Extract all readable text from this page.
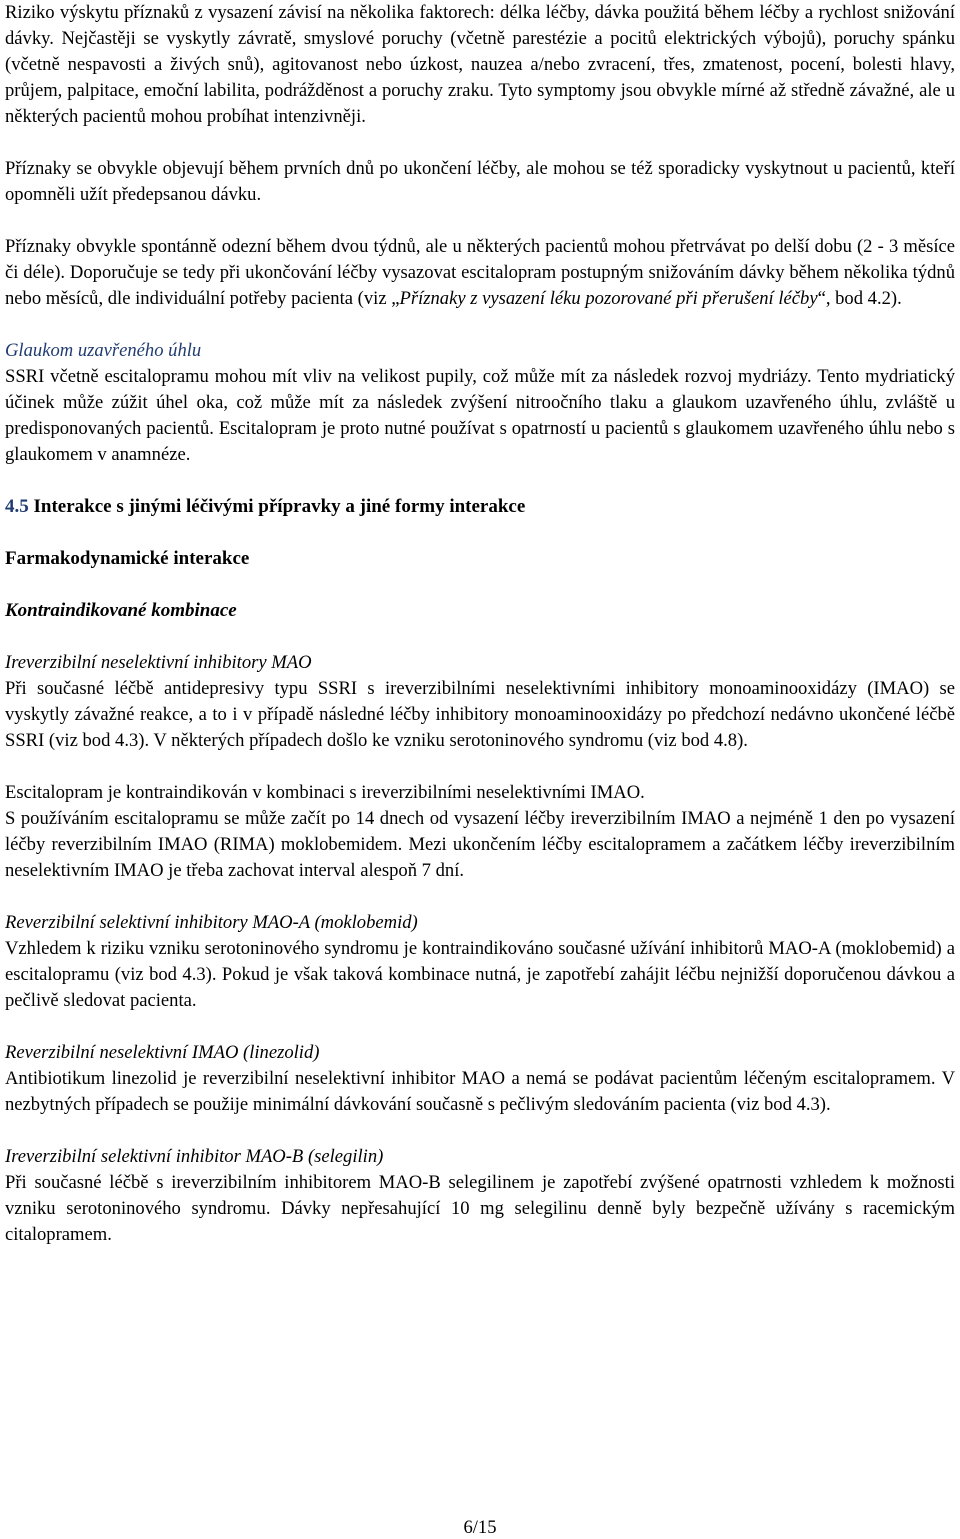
Riziko výskytu příznaků z vysazení závisí na několika faktorech: délka léčby, dávka použitá během léčby a rychlost snižování dávky. Nejčastěji se vyskytly závratě, smyslové poruchy (včetně parestézie a pocitů elektrických výbojů), poruchy spánku (včetně nespavosti a živých snů), agitovanost nebo úzkost, nauzea a/nebo zvracení, třes, zmatenost, pocení, bolesti hlavy, průjem, palpitace, emoční labilita, podrážděnost a poruchy zraku. Tyto symptomy jsou obvykle mírné až středně závažné, ale u některých pacientů mohou probíhat intenzivněji.

Příznaky se obvykle objevují během prvních dnů po ukončení léčby, ale mohou se též sporadicky vyskytnout u pacientů, kteří opomněli užít předepsanou dávku.

Příznaky obvykle spontánně odezní během dvou týdnů, ale u některých pacientů mohou přetrvávat po delší dobu (2 - 3 měsíce či déle). Doporučuje se tedy při ukončování léčby vysazovat escitalopram postupným snižováním dávky během několika týdnů nebo měsíců, dle individuální potřeby pacienta (viz „Příznaky z vysazení léku pozorované při přerušení léčby“, bod 4.2).

Glaukom uzavřeného úhlu

SSRI včetně escitalopramu mohou mít vliv na velikost pupily, což může mít za následek rozvoj mydriázy. Tento mydriatický účinek může zúžit úhel oka, což může mít za následek zvýšení nitroočního tlaku a glaukom uzavřeného úhlu, zvláště u predisponovaných pacientů. Escitalopram je proto nutné používat s opatrností u pacientů s glaukomem uzavřeného úhlu nebo s glaukomem v anamnéze.

4.5 Interakce s jinými léčivými přípravky a jiné formy interakce

Farmakodynamické interakce

Kontraindikované kombinace

Ireverzibilní neselektivní inhibitory MAO

Při současné léčbě antidepresivy typu SSRI s ireverzibilními neselektivními inhibitory monoaminooxidázy (IMAO) se vyskytly závažné reakce, a to i v případě následné léčby inhibitory monoaminooxidázy po předchozí nedávno ukončené léčbě SSRI (viz bod 4.3). V některých případech došlo ke vzniku serotoninového syndromu (viz bod 4.8).

Escitalopram je kontraindikován v kombinaci s ireverzibilními neselektivními IMAO.

S používáním escitalopramu se může začít po 14 dnech od vysazení léčby ireverzibilním IMAO a nejméně 1 den po vysazení léčby reverzibilním IMAO (RIMA) moklobemidem. Mezi ukončením léčby escitalopramem a začátkem léčby ireverzibilním neselektivním IMAO je třeba zachovat interval alespoň 7 dní.

Reverzibilní selektivní inhibitory MAO-A (moklobemid)

Vzhledem k riziku vzniku serotoninového syndromu je kontraindikováno současné užívání inhibitorů MAO-A (moklobemid) a escitalopramu (viz bod 4.3). Pokud je však taková kombinace nutná, je zapotřebí zahájit léčbu nejnižší doporučenou dávkou a pečlivě sledovat pacienta.

Reverzibilní neselektivní IMAO (linezolid)

Antibiotikum linezolid je reverzibilní neselektivní inhibitor MAO a nemá se podávat pacientům léčeným escitalopramem. V nezbytných případech se použije minimální dávkování současně s pečlivým sledováním pacienta (viz bod 4.3).

Ireverzibilní selektivní inhibitor MAO-B (selegilin)

Při současné léčbě s ireverzibilním inhibitorem MAO-B selegilinem je zapotřebí zvýšené opatrnosti vzhledem k možnosti vzniku serotoninového syndromu. Dávky nepřesahující 10 mg selegilinu denně byly bezpečně užívány s racemickým citalopramem.

6/15
